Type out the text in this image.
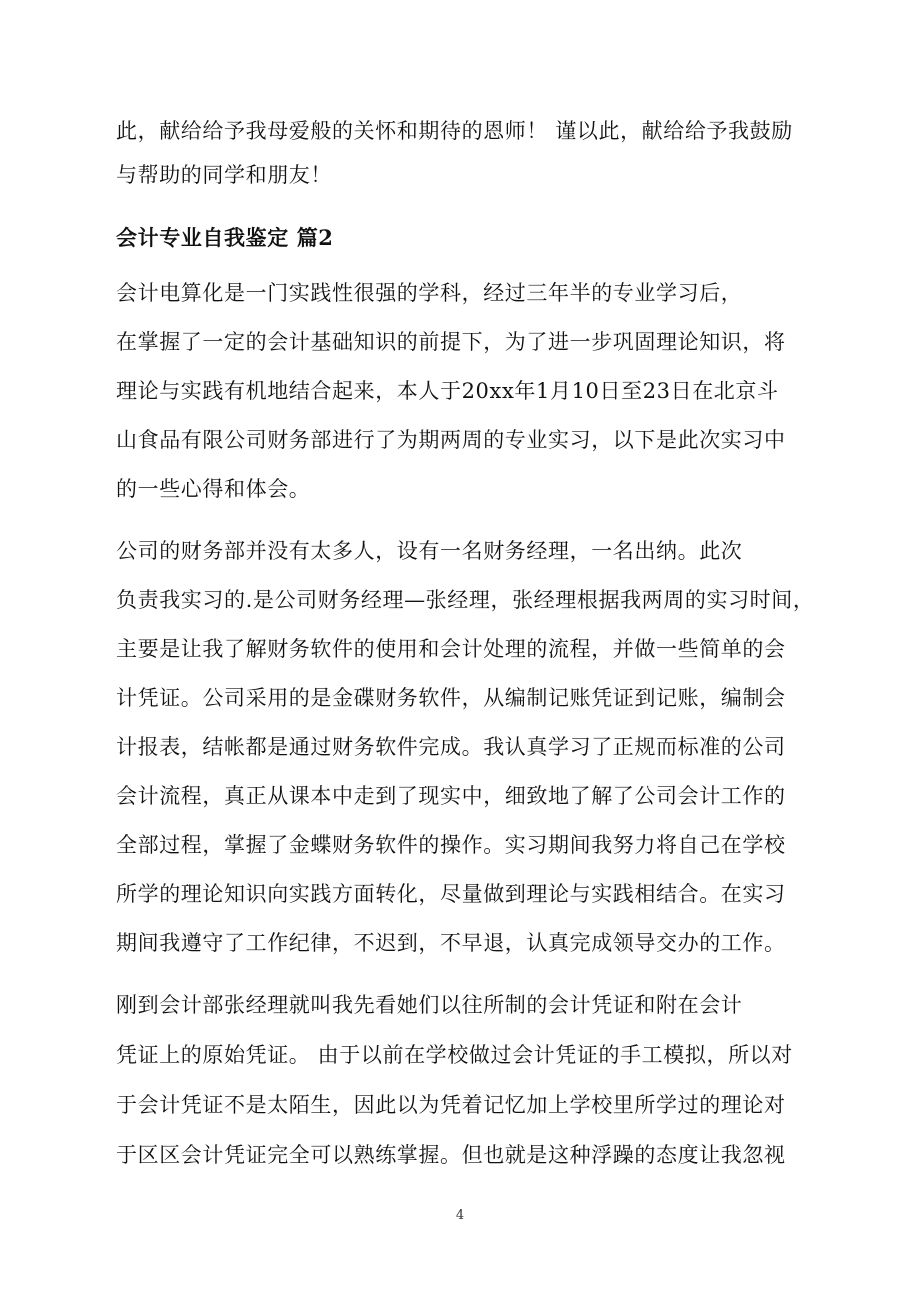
此，献给给予我母爱般的关怀和期待的恩师！ 谨以此，献给给予我鼓励
与帮助的同学和朋友！
会计专业自我鉴定 篇2
会计电算化是一门实践性很强的学科，经过三年半的专业学习后，
在掌握了一定的会计基础知识的前提下，为了进一步巩固理论知识，将
理论与实践有机地结合起来，本人于20xx年1月10日至23日在北京斗
山食品有限公司财务部进行了为期两周的专业实习，以下是此次实习中
的一些心得和体会。
公司的财务部并没有太多人，设有一名财务经理，一名出纳。此次
负责我实习的.是公司财务经理—张经理，张经理根据我两周的实习时间，
主要是让我了解财务软件的使用和会计处理的流程，并做一些简单的会
计凭证。公司采用的是金碟财务软件，从编制记账凭证到记账，编制会
计报表，结帐都是通过财务软件完成。我认真学习了正规而标准的公司
会计流程，真正从课本中走到了现实中，细致地了解了公司会计工作的
全部过程，掌握了金蝶财务软件的操作。实习期间我努力将自己在学校
所学的理论知识向实践方面转化，尽量做到理论与实践相结合。在实习
期间我遵守了工作纪律，不迟到，不早退，认真完成领导交办的工作。
刚到会计部张经理就叫我先看她们以往所制的会计凭证和附在会计
凭证上的原始凭证。 由于以前在学校做过会计凭证的手工模拟，所以对
于会计凭证不是太陌生，因此以为凭着记忆加上学校里所学过的理论对
于区区会计凭证完全可以熟练掌握。但也就是这种浮躁的态度让我忽视
4
